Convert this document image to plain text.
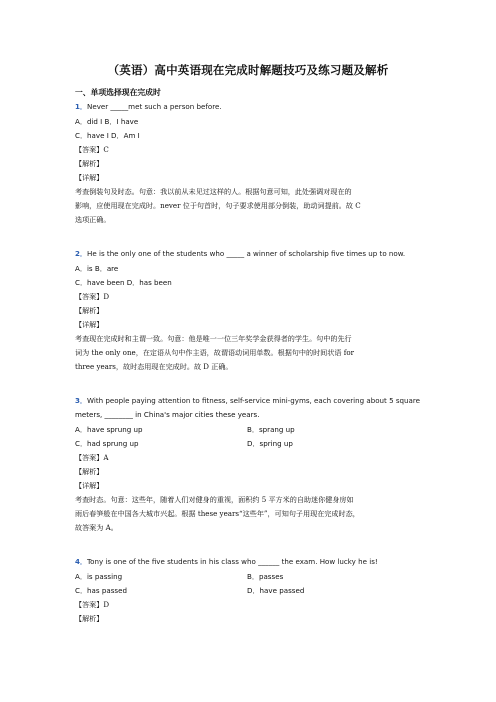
（英语）高中英语现在完成时解题技巧及练习题及解析
一、单项选择现在完成时
1．Never _____met such a person before.
A．did I B．I have
C．have I D．Am I
【答案】C
【解析】
【详解】
考查倒装句及时态。句意：我以前从未见过这样的人。根据句意可知，此处强调对现在的
影响，应使用现在完成时。never 位于句首时，句子要求使用部分倒装，助动词提前。故 C
选项正确。
2．He is the only one of the students who _____ a winner of scholarship five times up to now.
A．is B．are
C．have been D．has been
【答案】D
【解析】
【详解】
考查现在完成时和主谓一致。句意：他是唯一一位三年奖学金获得者的学生。句中的先行
词为 the only one，在定语从句中作主语，故谓语动词用单数。根据句中的时间状语 for
three years，故时态用现在完成时。故 D 正确。
3．With people paying attention to fitness, self-service mini-gyms, each covering about 5 square
meters, ________ in China's major cities these years.
A．have sprung up	B．sprang up
C．had sprung up	D．spring up
【答案】A
【解析】
【详解】
考查时态。句意：这些年，随着人们对健身的重视，面积约 5 平方米的自助迷你健身房如
雨后春笋般在中国各大城市兴起。根据 these years“这些年”，可知句子用现在完成时态，
故答案为 A。
4．Tony is one of the five students in his class who ______ the exam. How lucky he is!
A．is passing	B．passes
C．has passed	D．have passed
【答案】D
【解析】
